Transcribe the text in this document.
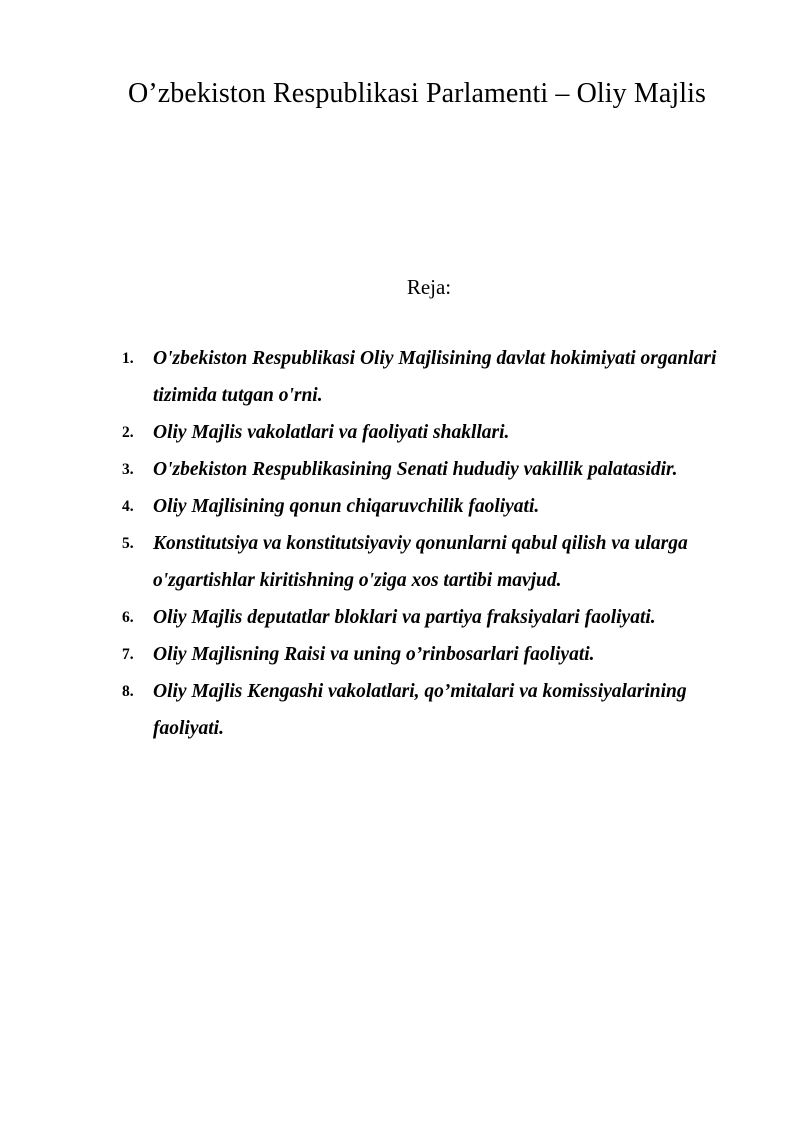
O’zbekiston Respublikasi Parlamenti – Oliy Majlis
Reja:
1. O'zbekiston Respublikasi Oliy Majlisining davlat hokimiyati organlari tizimida tutgan o'rni.
2. Oliy Majlis vakolatlari va faoliyati shakllari.
3. O'zbekiston Respublikasining Senati hududiy vakillik palatasidir.
4. Oliy Majlisining qonun chiqaruvchilik faoliyati.
5. Konstitutsiya va konstitutsiyaviy qonunlarni qabul qilish va ularga o'zgartishlar kiritishning o'ziga xos tartibi mavjud.
6. Oliy Majlis deputatlar bloklari va partiya fraksiyalari faoliyati.
7. Oliy Majlisning Raisi va uning o’rinbosarlari faoliyati.
8. Oliy Majlis Kengashi vakolatlari, qo’mitalari va komissiyalarining faoliyati.
